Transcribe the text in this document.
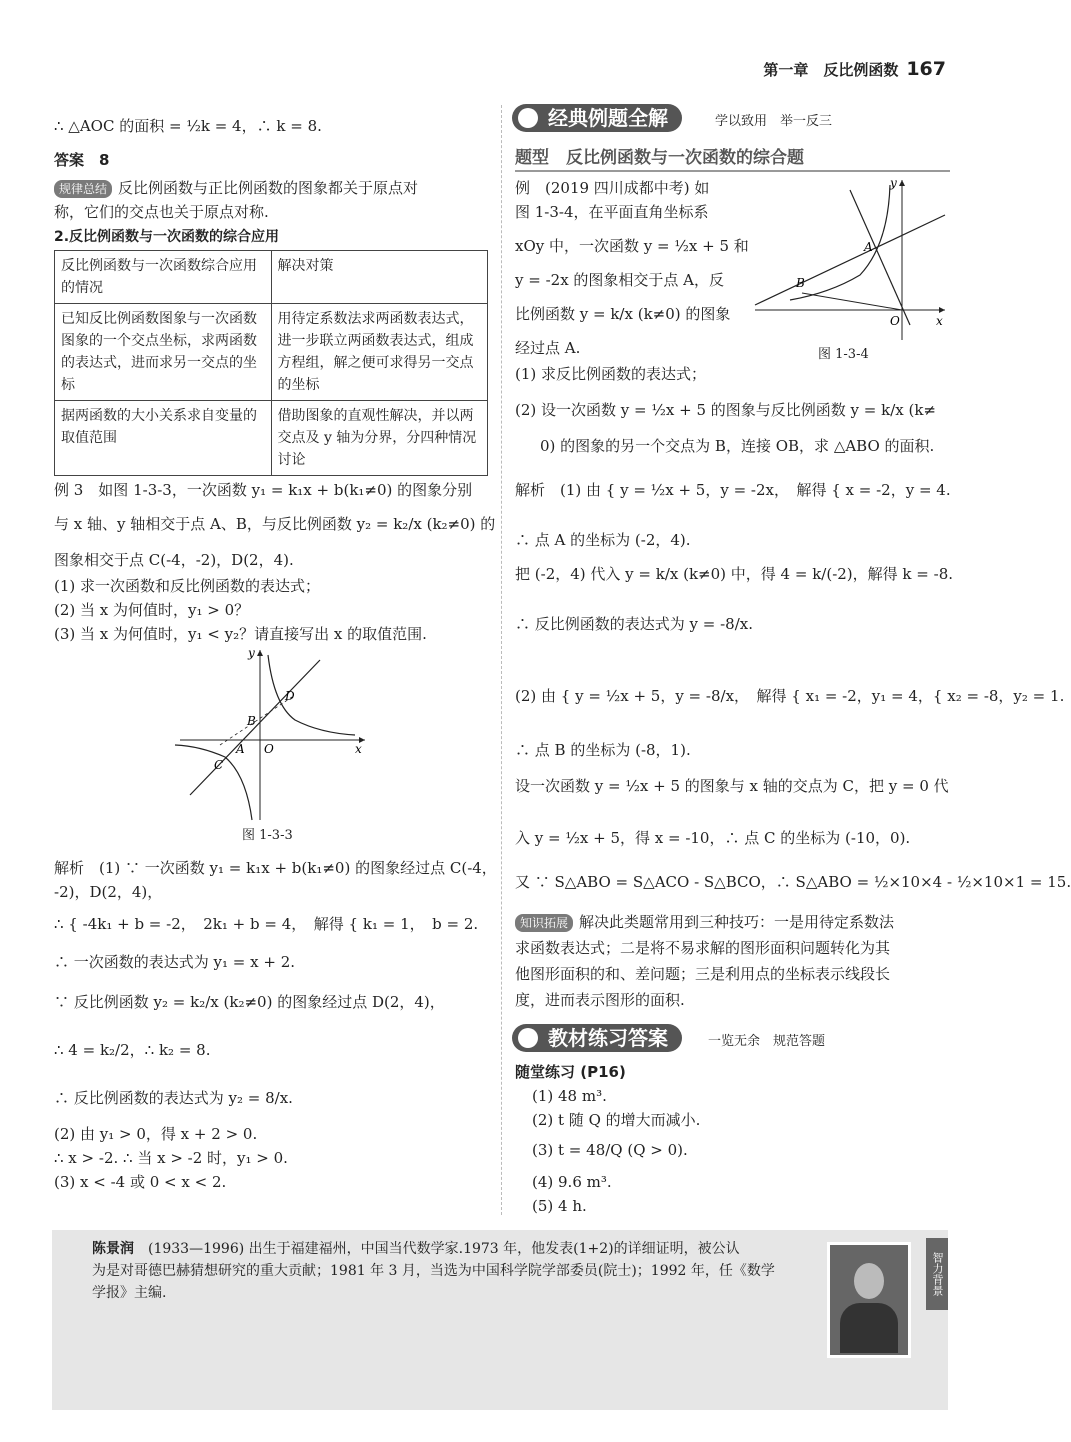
第一章　反比例函数 167
∴ △AOC 的面积 = ½k = 4，∴ k = 8.
答案　8
规律总结 反比例函数与正比例函数的图象都关于原点对
称，它们的交点也关于原点对称.
2.反比例函数与一次函数的综合应用
反比例函数与一次函数综合应用的情况	解决对策
已知反比例函数图象与一次函数图象的一个交点坐标，求两函数的表达式，进而求另一交点的坐标	用待定系数法求两函数表达式，进一步联立两函数表达式，组成方程组，解之便可求得另一交点的坐标
据两函数的大小关系求自变量的取值范围	借助图象的直观性解决，并以两交点及 y 轴为分界，分四种情况讨论
例 3　如图 1-3-3，一次函数 y₁ = k₁x + b(k₁≠0) 的图象分别
与 x 轴、y 轴相交于点 A、B，与反比例函数 y₂ = k₂/x (k₂≠0) 的
图象相交于点 C(-4，-2)，D(2，4).
(1) 求一次函数和反比例函数的表达式；
(2) 当 x 为何值时，y₁ > 0？
(3) 当 x 为何值时，y₁ < y₂？请直接写出 x 的取值范围.
y
x
O
A
B
C
D
图 1-3-3
解析　(1) ∵ 一次函数 y₁ = k₁x + b(k₁≠0) 的图象经过点 C(-4，
-2)，D(2，4)，
∴ { -4k₁ + b = -2，　2k₁ + b = 4，　 解得 { k₁ = 1，　b = 2.
∴ 一次函数的表达式为 y₁ = x + 2.
∵ 反比例函数 y₂ = k₂/x (k₂≠0) 的图象经过点 D(2，4)，
∴ 4 = k₂/2，∴ k₂ = 8.
∴ 反比例函数的表达式为 y₂ = 8/x.
(2) 由 y₁ > 0，得 x + 2 > 0.
∴ x > -2. ∴ 当 x > -2 时，y₁ > 0.
(3) x < -4 或 0 < x < 2.
经典例题全解	学以致用　举一反三
题型　反比例函数与一次函数的综合题
例　(2019 四川成都中考) 如
图 1-3-4，在平面直角坐标系
xOy 中，一次函数 y = ½x + 5 和
y = -2x 的图象相交于点 A，反
比例函数 y = k/x (k≠0) 的图象
经过点 A.
y
x
O
A
B
图 1-3-4
(1) 求反比例函数的表达式；
(2) 设一次函数 y = ½x + 5 的图象与反比例函数 y = k/x (k≠
0) 的图象的另一个交点为 B，连接 OB，求 △ABO 的面积.
解析　(1) 由 { y = ½x + 5，y = -2x，　解得 { x = -2，y = 4.
∴ 点 A 的坐标为 (-2，4).
把 (-2，4) 代入 y = k/x (k≠0) 中，得 4 = k/(-2)，解得 k = -8.
∴ 反比例函数的表达式为 y = -8/x.
(2) 由 { y = ½x + 5，y = -8/x，　解得 { x₁ = -2，y₁ = 4，{ x₂ = -8，y₂ = 1.
∴ 点 B 的坐标为 (-8，1).
设一次函数 y = ½x + 5 的图象与 x 轴的交点为 C，把 y = 0 代
入 y = ½x + 5，得 x = -10，∴ 点 C 的坐标为 (-10，0).
又 ∵ S△ABO = S△ACO - S△BCO，∴ S△ABO = ½×10×4 - ½×10×1 = 15.
知识拓展 解决此类题常用到三种技巧：一是用待定系数法
求函数表达式；二是将不易求解的图形面积问题转化为其
他图形面积的和、差问题；三是利用点的坐标表示线段长
度，进而表示图形的面积.
教材练习答案	一览无余　规范答题
随堂练习 (P16)
(1) 48 m³.
(2) t 随 Q 的增大而减小.
(3) t = 48/Q (Q > 0).
(4) 9.6 m³.
(5) 4 h.
陈景润　 (1933—1996) 出生于福建福州，中国当代数学家.1973 年，他发表(1+2)的详细证明，被公认
为是对哥德巴赫猜想研究的重大贡献；1981 年 3 月，当选为中国科学院学部委员(院士)；1992 年，任《数学
学报》主编.	智力背景
